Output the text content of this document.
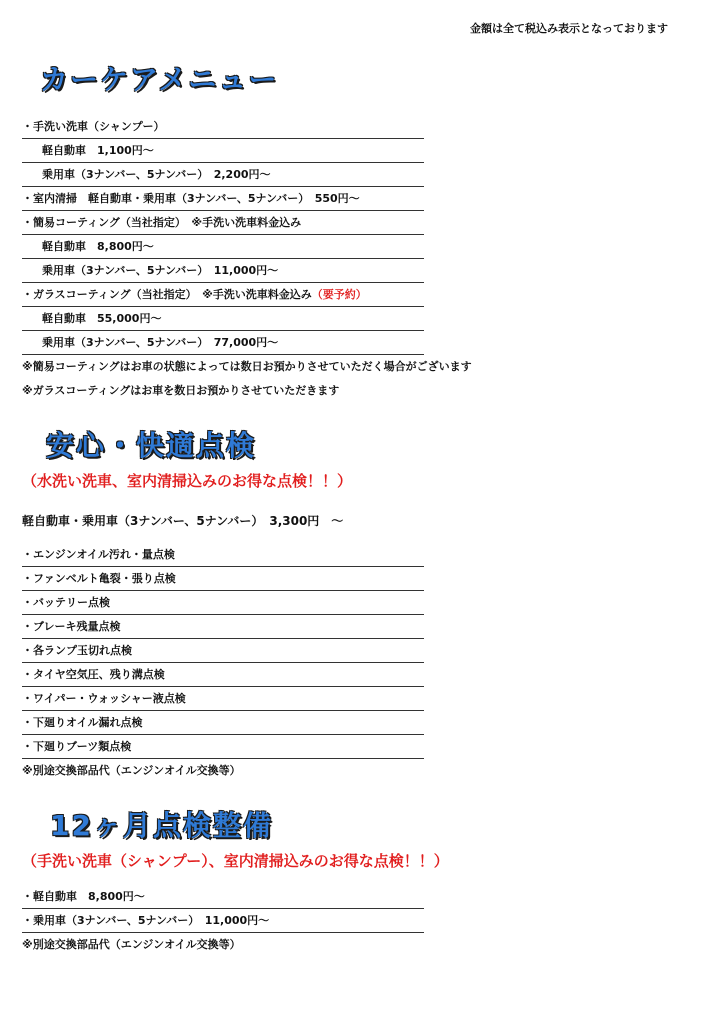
金額は全て税込み表示となっております
カーケアメニュー
・手洗い洗車（シャンプー）
軽自動車　1,100円～
乗用車（3ナンバー、5ナンバー）　2,200円～
・室内清掃　軽自動車・乗用車（3ナンバー、5ナンバー）　550円～
・簡易コーティング（当社指定）　※手洗い洗車料金込み
軽自動車　8,800円～
乗用車（3ナンバー、5ナンバー）　11,000円～
・ガラスコーティング（当社指定）　※手洗い洗車料金込み（要予約）
軽自動車　55,000円～
乗用車（3ナンバー、5ナンバー）　77,000円～
※簡易コーティングはお車の状態によっては数日お預かりさせていただく場合がございます
※ガラスコーティングはお車を数日お預かりさせていただきます
安心・快適点検
（水洗い洗車、室内清掃込みのお得な点検！！）
軽自動車・乗用車（3ナンバー、5ナンバー）　3,300円　～
・エンジンオイル汚れ・量点検
・ファンベルト亀裂・張り点検
・バッテリー点検
・ブレーキ残量点検
・各ランプ玉切れ点検
・タイヤ空気圧、残り溝点検
・ワイパー・ウォッシャー液点検
・下廻りオイル漏れ点検
・下廻りブーツ類点検
※別途交換部品代（エンジンオイル交換等）
12ヶ月点検整備
（手洗い洗車（シャンプー）、室内清掃込みのお得な点検！！）
・軽自動車　8,800円～
・乗用車（3ナンバー、5ナンバー）　11,000円～
※別途交換部品代（エンジンオイル交換等）
